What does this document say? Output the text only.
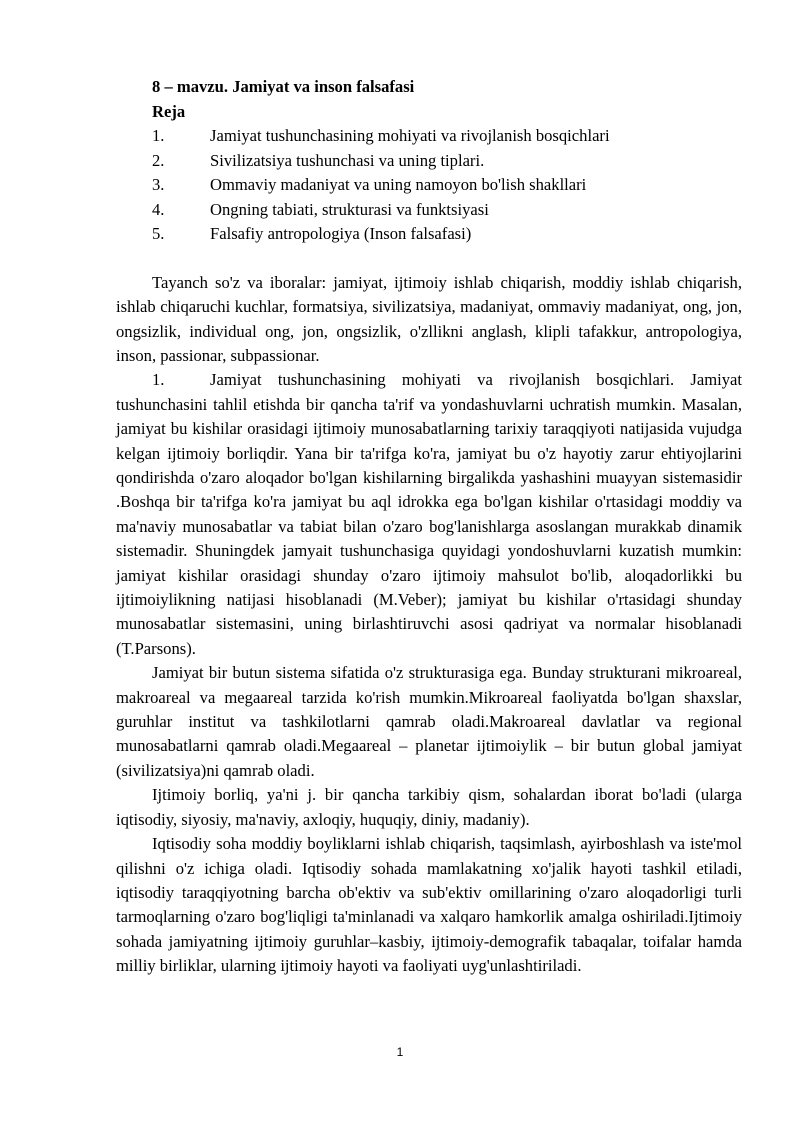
8 – mavzu. Jamiyat va inson falsafasi
Reja
1.	Jamiyat tushunchasining mohiyati va rivojlanish bosqichlari
2.	Sivilizatsiya tushunchasi va uning tiplari.
3.	Ommaviy madaniyat va uning namoyon bo'lish shakllari
4.	Ongning tabiati, strukturasi va funktsiyasi
5.	Falsafiy antropologiya (Inson falsafasi)

Tayanch so'z va iboralar: jamiyat, ijtimoiy ishlab chiqarish, moddiy ishlab chiqarish, ishlab chiqaruchi kuchlar, formatsiya, sivilizatsiya, madaniyat, ommaviy madaniyat, ong, jon, ongsizlik, individual ong, jon, ongsizlik, o'zllikni anglash, klipli tafakkur, antropologiya, inson, passionar, subpassionar.

1.	Jamiyat tushunchasining mohiyati va rivojlanish bosqichlari. Jamiyat tushunchasini tahlil etishda bir qancha ta'rif va yondashuvlarni uchratish mumkin. Masalan, jamiyat bu kishilar orasidagi ijtimoiy munosabatlarning tarixiy taraqqiyoti natijasida vujudga kelgan ijtimoiy borliqdir. Yana bir ta'rifga ko'ra, jamiyat bu o'z hayotiy zarur ehtiyojlarini qondirishda o'zaro aloqador bo'lgan kishilarning birgalikda yashashini muayyan sistemasidir .Boshqa bir ta'rifga ko'ra jamiyat bu aql idrokka ega bo'lgan kishilar o'rtasidagi moddiy va ma'naviy munosabatlar va tabiat bilan o'zaro bog'lanishlarga asoslangan murakkab dinamik sistemadir. Shuningdek jamyait tushunchasiga quyidagi yondoshuvlarni kuzatish mumkin: jamiyat kishilar orasidagi shunday o'zaro ijtimoiy mahsulot bo'lib, aloqadorlikki bu ijtimoiylikning natijasi hisoblanadi (M.Veber); jamiyat bu kishilar o'rtasidagi shunday munosabatlar sistemasini, uning birlashtiruvchi asosi qadriyat va normalar hisoblanadi (T.Parsons).

Jamiyat bir butun sistema sifatida o'z strukturasiga ega. Bunday strukturani mikroareal, makroareal va megaareal tarzida ko'rish mumkin.Mikroareal faoliyatda bo'lgan shaxslar, guruhlar institut va tashkilotlarni qamrab oladi.Makroareal davlatlar va regional munosabatlarni qamrab oladi.Megaareal – planetar ijtimoiylik – bir butun global jamiyat (sivilizatsiya)ni qamrab oladi.

Ijtimoiy borliq, ya'ni j. bir qancha tarkibiy qism, sohalardan iborat bo'ladi (ularga iqtisodiy, siyosiy, ma'naviy, axloqiy, huquqiy, diniy, madaniy).

Iqtisodiy soha moddiy boyliklarni ishlab chiqarish, taqsimlash, ayirboshlash va iste'mol qilishni o'z ichiga oladi. Iqtisodiy sohada mamlakatning xo'jalik hayoti tashkil etiladi, iqtisodiy taraqqiyotning barcha ob'ektiv va sub'ektiv omillarining o'zaro aloqadorligi turli tarmoqlarning o'zaro bog'liqligi ta'minlanadi va xalqaro hamkorlik amalga oshiriladi.Ijtimoiy sohada jamiyatning ijtimoiy guruhlar–kasbiy, ijtimoiy-demografik tabaqalar, toifalar hamda milliy birliklar, ularning ijtimoiy hayoti va faoliyati uyg'unlashtiriladi.

1
